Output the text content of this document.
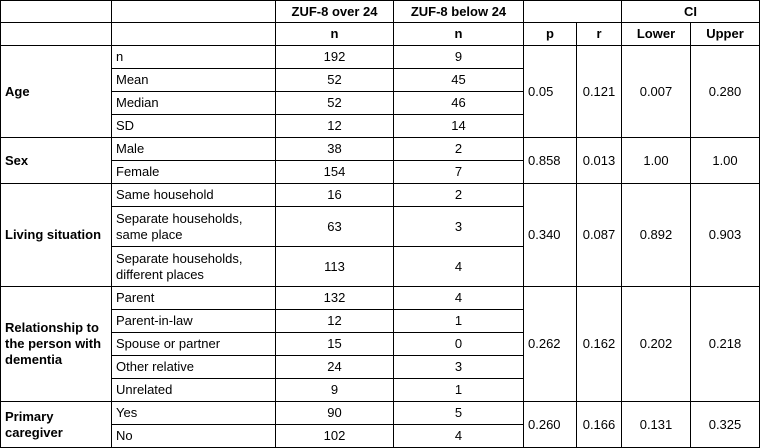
		ZUF-8 over 24	ZUF-8 below 24			CI	
		n	n	p	r	Lower	Upper
Age	n	192	9	0.05	0.121	0.007	0.280
	Mean	52	45				
	Median	52	46				
	SD	12	14				
Sex	Male	38	2	0.858	0.013	1.00	1.00
	Female	154	7				
Living situation	Same household	16	2	0.340	0.087	0.892	0.903
	Separate households, same place	63	3				
	Separate households, different places	113	4				
Relationship to the person with dementia	Parent	132	4	0.262	0.162	0.202	0.218
	Parent-in-law	12	1				
	Spouse or partner	15	0				
	Other relative	24	3				
	Unrelated	9	1				
Primary caregiver	Yes	90	5	0.260	0.166	0.131	0.325
	No	102	4				
